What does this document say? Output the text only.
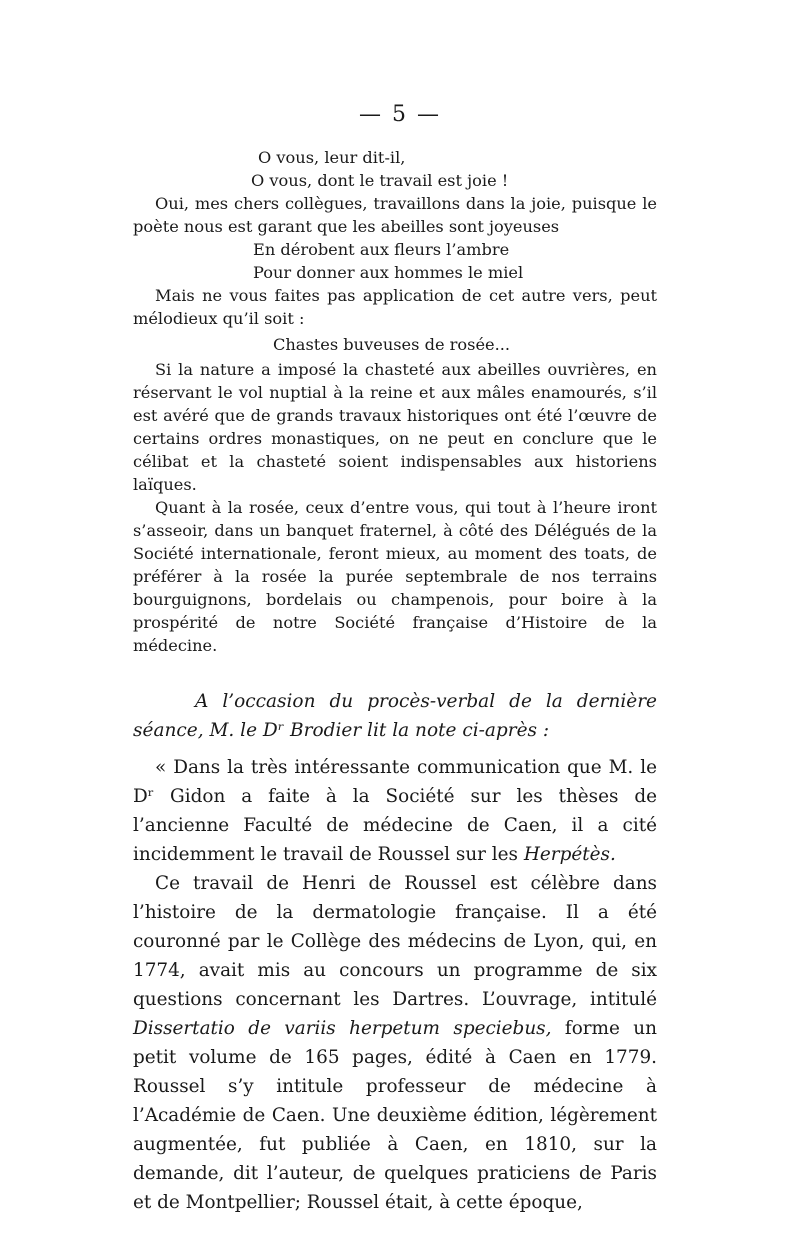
— 5 —

O vous, leur dit-il,

O vous, dont le travail est joie !

Oui, mes chers collègues, travaillons dans la joie, puisque le poète nous est garant que les abeilles sont joyeuses

En dérobent aux fleurs l’ambre

Pour donner aux hommes le miel

Mais ne vous faites pas application de cet autre vers, peut mélodieux qu’il soit :

Chastes buveuses de rosée...

Si la nature a imposé la chasteté aux abeilles ouvrières, en réservant le vol nuptial à la reine et aux mâles enamourés, s’il est avéré que de grands travaux historiques ont été l’œuvre de certains ordres monastiques, on ne peut en conclure que le célibat et la chasteté soient indispensables aux historiens laïques.

Quant à la rosée, ceux d’entre vous, qui tout à l’heure iront s’asseoir, dans un banquet fraternel, à côté des Délégués de la Société internationale, feront mieux, au moment des toats, de préférer à la rosée la purée septembrale de nos terrains bourguignons, bordelais ou champenois, pour boire à la prospérité de notre Société française d’Histoire de la médecine.

A l’occasion du procès-verbal de la dernière séance, M. le Dʳ Brodier lit la note ci-après :

« Dans la très intéressante communication que M. le Dʳ Gidon a faite à la Société sur les thèses de l’ancienne Faculté de médecine de Caen, il a cité incidemment le travail de Roussel sur les Herpétès.

Ce travail de Henri de Roussel est célèbre dans l’histoire de la dermatologie française. Il a été couronné par le Collège des médecins de Lyon, qui, en 1774, avait mis au concours un programme de six questions concernant les Dartres. L’ouvrage, intitulé Dissertatio de variis herpetum speciebus, forme un petit volume de 165 pages, édité à Caen en 1779. Roussel s’y intitule professeur de médecine à l’Académie de Caen. Une deuxième édition, légèrement augmentée, fut publiée à Caen, en 1810, sur la demande, dit l’auteur, de quelques praticiens de Paris et de Montpellier; Roussel était, à cette époque,
